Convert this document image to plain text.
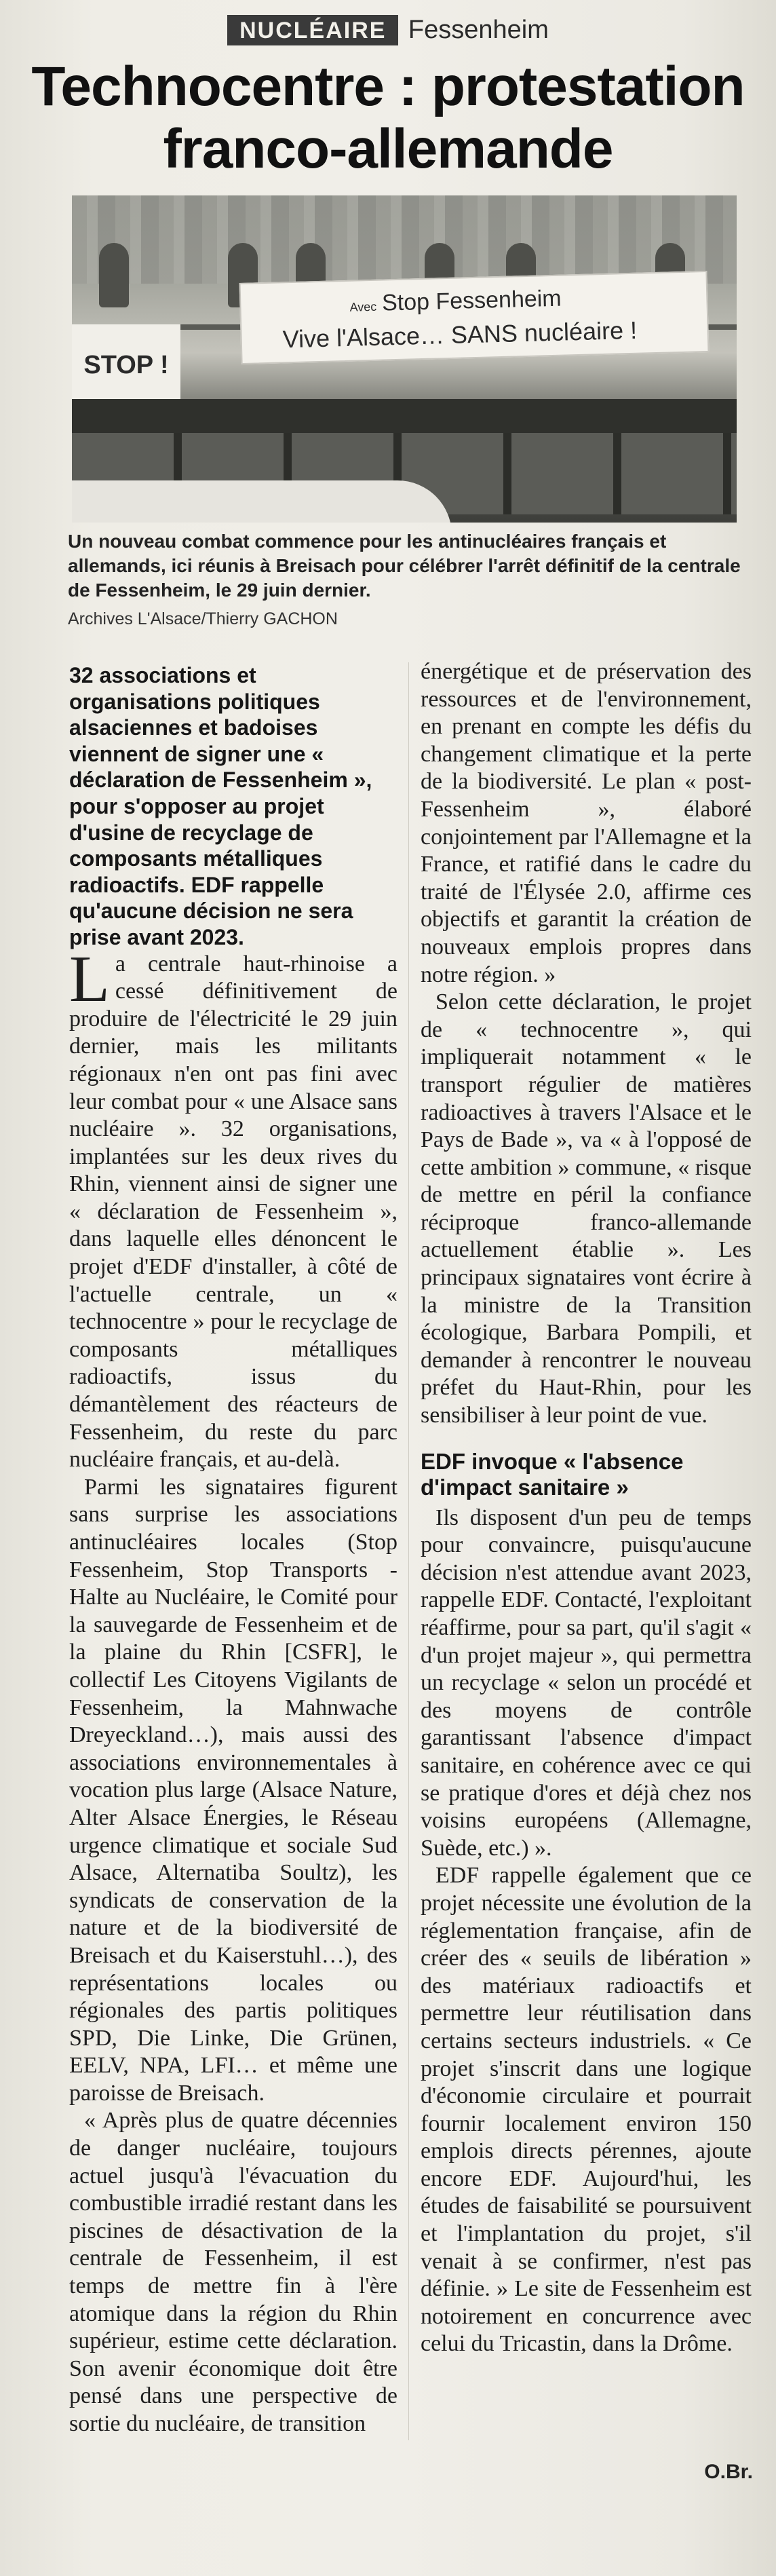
NUCLÉAIRE Fessenheim
Technocentre : protestation
franco-allemande
Avec Stop Fessenheim
Vive l'Alsace… SANS nucléaire !
STOP !

Un nouveau combat commence pour les antinucléaires français et allemands, ici réunis à Breisach pour célébrer l'arrêt définitif de la centrale de Fessenheim, le 29 juin dernier.

Archives L'Alsace/Thierry GACHON

32 associations et organisations politiques alsaciennes et badoises viennent de signer une « déclaration de Fessenheim », pour s'opposer au projet d'usine de recyclage de composants métalliques radioactifs. EDF rappelle qu'aucune décision ne sera prise avant 2023.

La centrale haut-rhinoise a cessé définitivement de produire de l'électricité le 29 juin dernier, mais les militants régionaux n'en ont pas fini avec leur combat pour « une Alsace sans nucléaire ». 32 organisations, implantées sur les deux rives du Rhin, viennent ainsi de signer une « déclaration de Fessenheim », dans laquelle elles dénoncent le projet d'EDF d'installer, à côté de l'actuelle centrale, un « technocentre » pour le recyclage de composants métalliques radioactifs, issus du démantèlement des réacteurs de Fessenheim, du reste du parc nucléaire français, et au-delà.

Parmi les signataires figurent sans surprise les associations antinucléaires locales (Stop Fessenheim, Stop Transports - Halte au Nucléaire, le Comité pour la sauvegarde de Fessenheim et de la plaine du Rhin [CSFR], le collectif Les Citoyens Vigilants de Fessenheim, la Mahnwache Dreyeckland…), mais aussi des associations environnementales à vocation plus large (Alsace Nature, Alter Alsace Énergies, le Réseau urgence climatique et sociale Sud Alsace, Alternatiba Soultz), les syndicats de conservation de la nature et de la biodiversité de Breisach et du Kaiserstuhl…), des représentations locales ou régionales des partis politiques SPD, Die Linke, Die Grünen, EELV, NPA, LFI… et même une paroisse de Breisach.

« Après plus de quatre décennies de danger nucléaire, toujours actuel jusqu'à l'évacuation du combustible irradié restant dans les piscines de désactivation de la centrale de Fessenheim, il est temps de mettre fin à l'ère atomique dans la région du Rhin supérieur, estime cette déclaration. Son avenir économique doit être pensé dans une perspective de sortie du nucléaire, de transition

énergétique et de préservation des ressources et de l'environnement, en prenant en compte les défis du changement climatique et la perte de la biodiversité. Le plan « post-Fessenheim », élaboré conjointement par l'Allemagne et la France, et ratifié dans le cadre du traité de l'Élysée 2.0, affirme ces objectifs et garantit la création de nouveaux emplois propres dans notre région. »

Selon cette déclaration, le projet de « technocentre », qui impliquerait notamment « le transport régulier de matières radioactives à travers l'Alsace et le Pays de Bade », va « à l'opposé de cette ambition » commune, « risque de mettre en péril la confiance réciproque franco-allemande actuellement établie ». Les principaux signataires vont écrire à la ministre de la Transition écologique, Barbara Pompili, et demander à rencontrer le nouveau préfet du Haut-Rhin, pour les sensibiliser à leur point de vue.

EDF invoque « l'absence d'impact sanitaire »

Ils disposent d'un peu de temps pour convaincre, puisqu'aucune décision n'est attendue avant 2023, rappelle EDF. Contacté, l'exploitant réaffirme, pour sa part, qu'il s'agit « d'un projet majeur », qui permettra un recyclage « selon un procédé et des moyens de contrôle garantissant l'absence d'impact sanitaire, en cohérence avec ce qui se pratique d'ores et déjà chez nos voisins européens (Allemagne, Suède, etc.) ».

EDF rappelle également que ce projet nécessite une évolution de la réglementation française, afin de créer des « seuils de libération » des matériaux radioactifs et permettre leur réutilisation dans certains secteurs industriels. « Ce projet s'inscrit dans une logique d'économie circulaire et pourrait fournir localement environ 150 emplois directs pérennes, ajoute encore EDF. Aujourd'hui, les études de faisabilité se poursuivent et l'implantation du projet, s'il venait à se confirmer, n'est pas définie. » Le site de Fessenheim est notoirement en concurrence avec celui du Tricastin, dans la Drôme.

O.Br.
